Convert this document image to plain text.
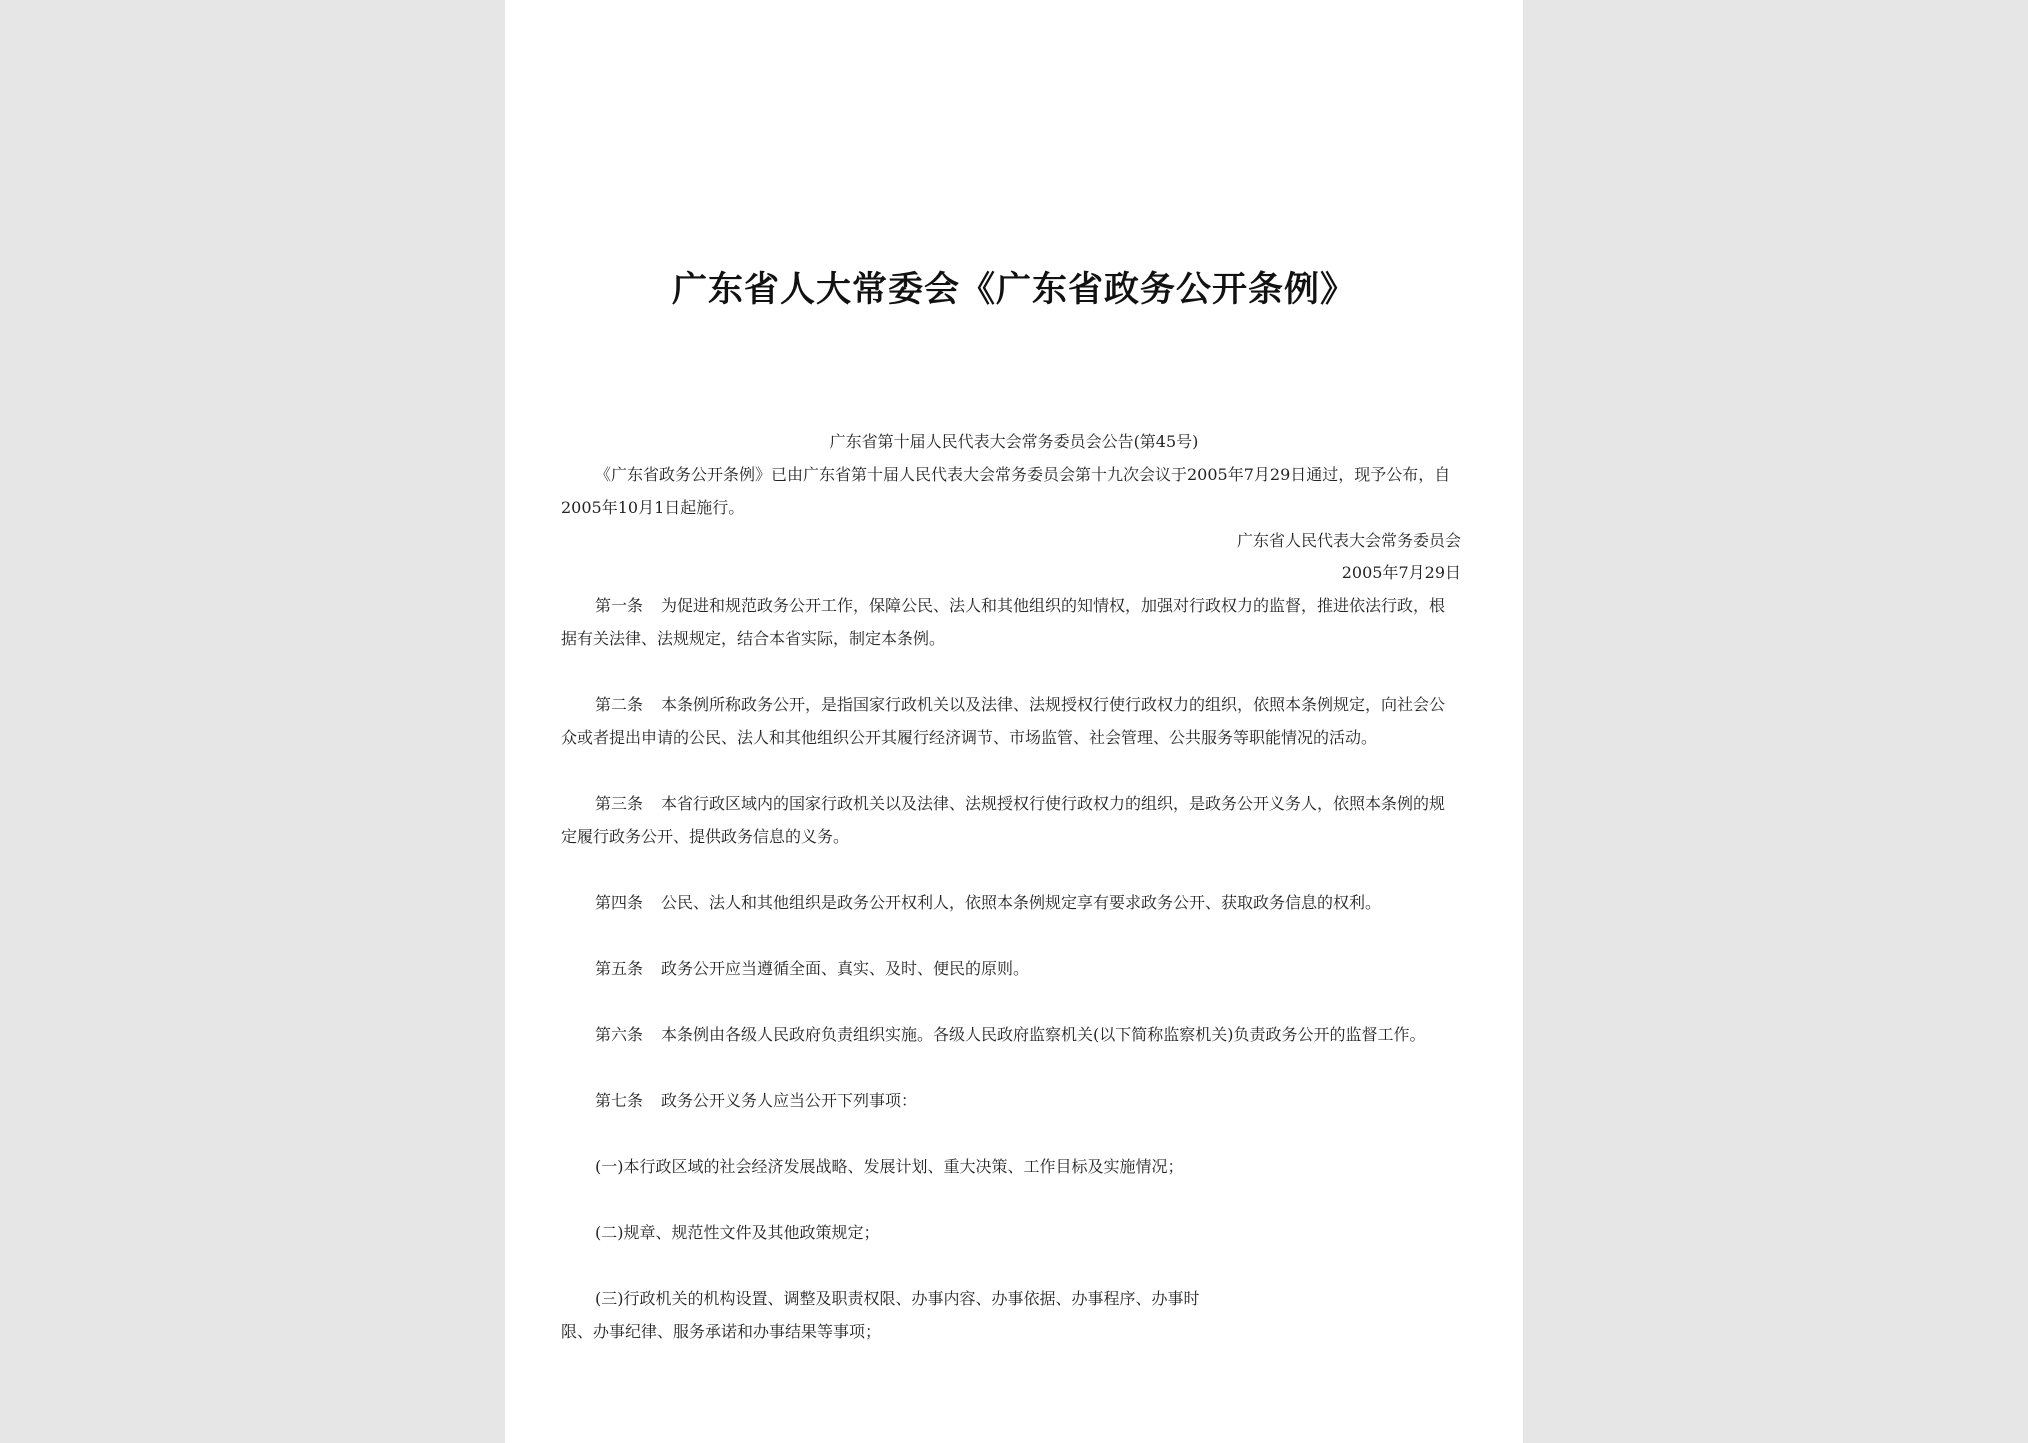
广东省人大常委会《广东省政务公开条例》
广东省第十届人民代表大会常务委员会公告(第45号)
《广东省政务公开条例》已由广东省第十届人民代表大会常务委员会第十九次会议于2005年7月29日通过，现予公布，自
2005年10月1日起施行。
广东省人民代表大会常务委员会
2005年7月29日
第一条 为促进和规范政务公开工作，保障公民、法人和其他组织的知情权，加强对行政权力的监督，推进依法行政，根
据有关法律、法规规定，结合本省实际，制定本条例。
第二条 本条例所称政务公开，是指国家行政机关以及法律、法规授权行使行政权力的组织，依照本条例规定，向社会公
众或者提出申请的公民、法人和其他组织公开其履行经济调节、市场监管、社会管理、公共服务等职能情况的活动。
第三条 本省行政区域内的国家行政机关以及法律、法规授权行使行政权力的组织，是政务公开义务人，依照本条例的规
定履行政务公开、提供政务信息的义务。
第四条 公民、法人和其他组织是政务公开权利人，依照本条例规定享有要求政务公开、获取政务信息的权利。
第五条 政务公开应当遵循全面、真实、及时、便民的原则。
第六条 本条例由各级人民政府负责组织实施。各级人民政府监察机关(以下简称监察机关)负责政务公开的监督工作。
第七条 政务公开义务人应当公开下列事项：
(一)本行政区域的社会经济发展战略、发展计划、重大决策、工作目标及实施情况；
(二)规章、规范性文件及其他政策规定；
(三)行政机关的机构设置、调整及职责权限、办事内容、办事依据、办事程序、办事时
限、办事纪律、服务承诺和办事结果等事项；
